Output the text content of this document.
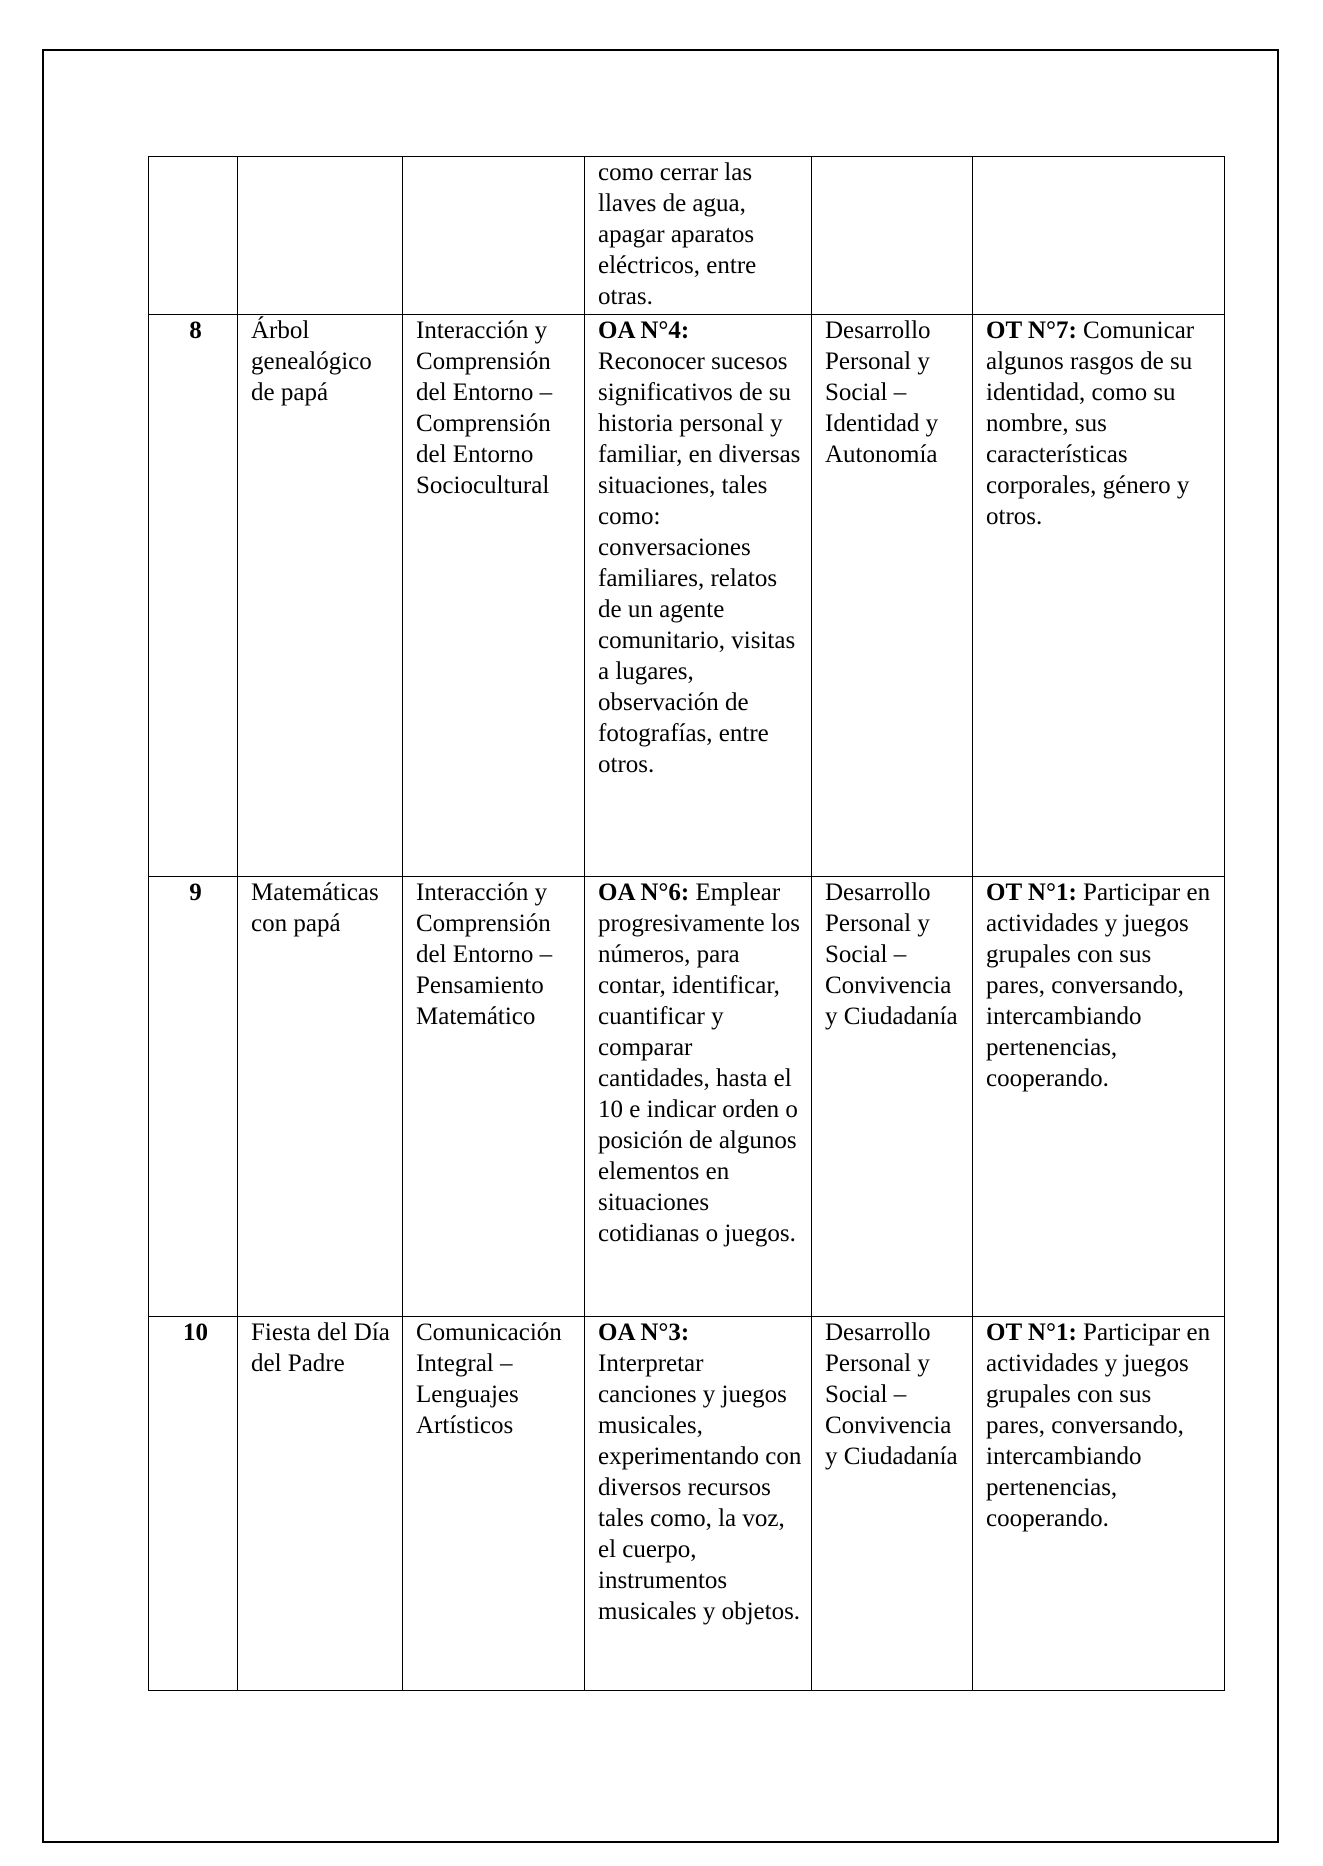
			como cerrar las llaves de agua, apagar aparatos eléctricos, entre otras.		
8	Árbol genealógico de papá	Interacción y Comprensión del Entorno – Comprensión del Entorno Sociocultural	OA N°4:
Reconocer sucesos significativos de su historia personal y familiar, en diversas situaciones, tales como: conversaciones familiares, relatos de un agente comunitario, visitas a lugares, observación de fotografías, entre otros.	Desarrollo Personal y Social – Identidad y Autonomía	OT N°7: Comunicar algunos rasgos de su identidad, como su nombre, sus características corporales, género y otros.
9	Matemáticas con papá	Interacción y Comprensión del Entorno – Pensamiento Matemático	OA N°6: Emplear progresivamente los números, para contar, identificar, cuantificar y comparar cantidades, hasta el 10 e indicar orden o posición de algunos elementos en situaciones cotidianas o juegos.	Desarrollo Personal y Social – Convivencia y Ciudadanía	OT N°1: Participar en actividades y juegos grupales con sus pares, conversando, intercambiando pertenencias, cooperando.
10	Fiesta del Día del Padre	Comunicación Integral – Lenguajes Artísticos	OA N°3:
Interpretar canciones y juegos musicales, experimentando con diversos recursos tales como, la voz, el cuerpo, instrumentos musicales y objetos.	Desarrollo Personal y Social – Convivencia y Ciudadanía	OT N°1: Participar en actividades y juegos grupales con sus pares, conversando, intercambiando pertenencias, cooperando.
